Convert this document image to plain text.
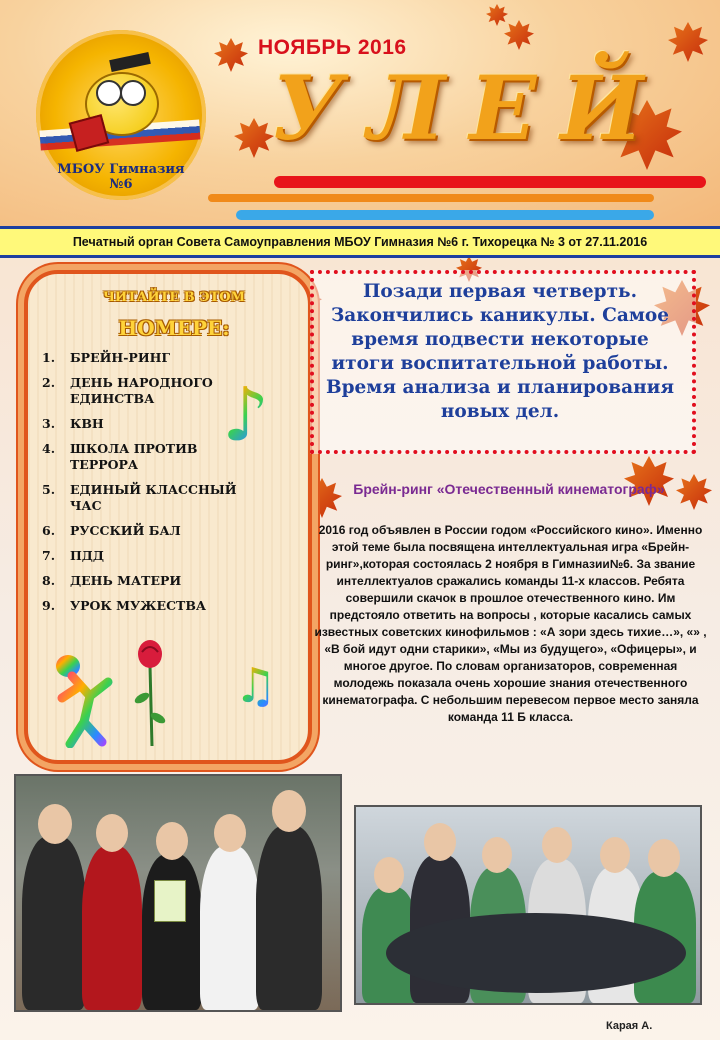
МБОУ Гимназия №6
НОЯБРЬ 2016
УЛЕЙ
Печатный орган Совета Самоуправления МБОУ Гимназия №6 г. Тихорецка № 3 от 27.11.2016
ЧИТАЙТЕ В ЭТОМ
НОМЕРЕ:
1.	БРЕЙН-РИНГ
2.	ДЕНЬ НАРОДНОГО ЕДИНСТВА
3.	КВН
4.	ШКОЛА ПРОТИВ ТЕРРОРА
5.	ЕДИНЫЙ КЛАССНЫЙ ЧАС
6.	РУССКИЙ БАЛ
7.	ПДД
8.	ДЕНЬ МАТЕРИ
9.	УРОК МУЖЕСТВА
♪
♫
Позади первая четверть. Закончились каникулы. Самое время подвести некоторые итоги воспитательной работы. Время анализа и планирования новых дел.
Брейн-ринг «Отечественный кинематограф»
2016 год объявлен в России годом «Российского кино». Именно этой теме была посвящена интеллектуальная игра «Брейн-ринг»,которая состоялась 2 ноября в Гимназии№6. За звание интеллектуалов сражались команды 11-х классов. Ребята совершили скачок в прошлое отечественного кино. Им предстояло ответить на вопросы , которые касались самых известных советских кинофильмов : «А зори здесь тихие…», «» , «В бой идут одни старики», «Мы из будущего», «Офицеры», и многое другое. По словам организаторов, современная молодежь показала очень хорошие знания отечественного кинематографа. С небольшим перевесом первое место заняла команда 11 Б класса.
Карая А.
